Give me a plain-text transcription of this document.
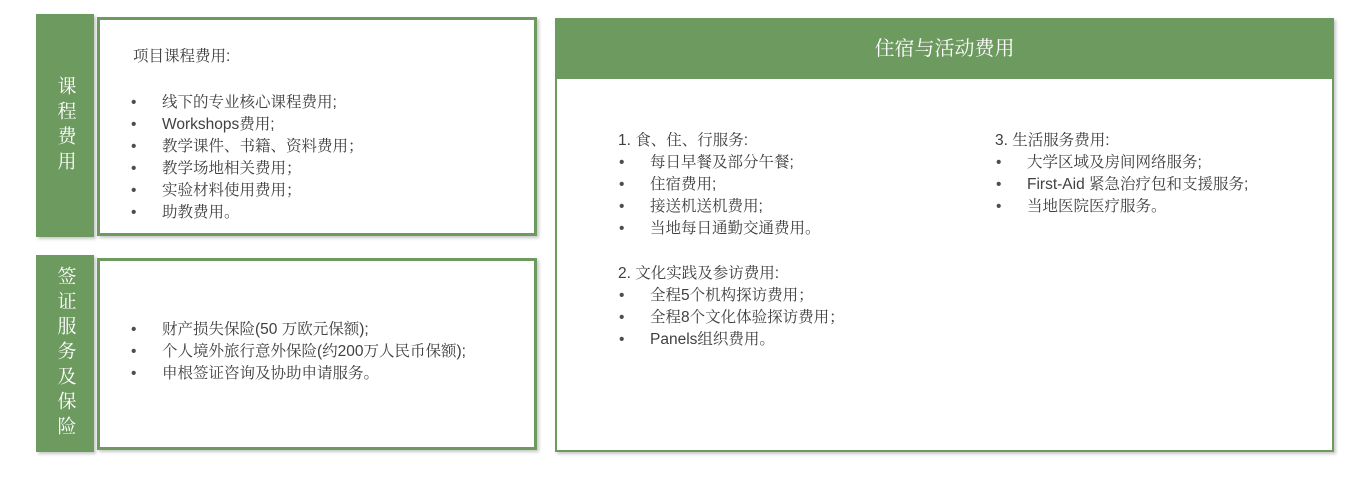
课程费用
项目课程费用:
• 线下的专业核心课程费用;
• Workshops费用;
• 教学课件、书籍、资料费用；
• 教学场地相关费用；
• 实验材料使用费用；
• 助教费用。
签证服务及保险	• 财产损失保险(50 万欧元保额);
• 个人境外旅行意外保险(约200万人民币保额);
• 申根签证咨询及协助申请服务。
住宿与活动费用
1. 食、住、行服务:
• 每日早餐及部分午餐;
• 住宿费用;
• 接送机送机费用;
• 当地每日通勤交通费用。
2. 文化实践及参访费用:
• 全程5个机构探访费用；
• 全程8个文化体验探访费用；
• Panels组织费用。
3. 生活服务费用:
• 大学区域及房间网络服务;
• First-Aid 紧急治疗包和支援服务;
• 当地医院医疗服务。
